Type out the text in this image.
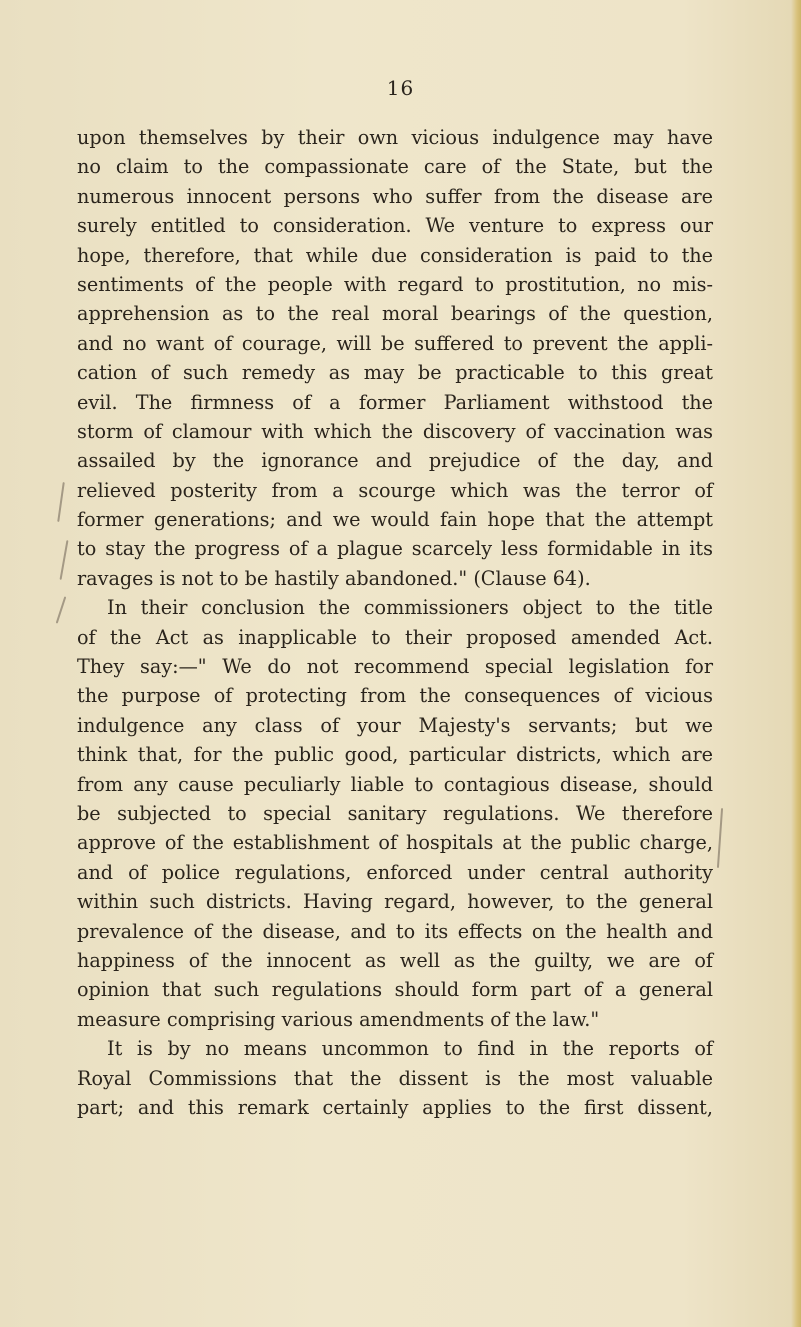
16
upon themselves by their own vicious indulgence may have
no claim to the compassionate care of the State, but the
numerous innocent persons who suffer from the disease are
surely entitled to consideration. We venture to express our
hope, therefore, that while due consideration is paid to the
sentiments of the people with regard to prostitution, no mis-
apprehension as to the real moral bearings of the question,
and no want of courage, will be suffered to prevent the appli-
cation of such remedy as may be practicable to this great
evil. The firmness of a former Parliament withstood the
storm of clamour with which the discovery of vaccination was
assailed by the ignorance and prejudice of the day, and
relieved posterity from a scourge which was the terror of
former generations; and we would fain hope that the attempt
to stay the progress of a plague scarcely less formidable in its
ravages is not to be hastily abandoned." (Clause 64).
In their conclusion the commissioners object to the title
of the Act as inapplicable to their proposed amended Act.
They say:—" We do not recommend special legislation for
the purpose of protecting from the consequences of vicious
indulgence any class of your Majesty's servants; but we
think that, for the public good, particular districts, which are
from any cause peculiarly liable to contagious disease, should
be subjected to special sanitary regulations. We therefore
approve of the establishment of hospitals at the public charge,
and of police regulations, enforced under central authority
within such districts. Having regard, however, to the general
prevalence of the disease, and to its effects on the health and
happiness of the innocent as well as the guilty, we are of
opinion that such regulations should form part of a general
measure comprising various amendments of the law."
It is by no means uncommon to find in the reports of
Royal Commissions that the dissent is the most valuable
part; and this remark certainly applies to the first dissent,
